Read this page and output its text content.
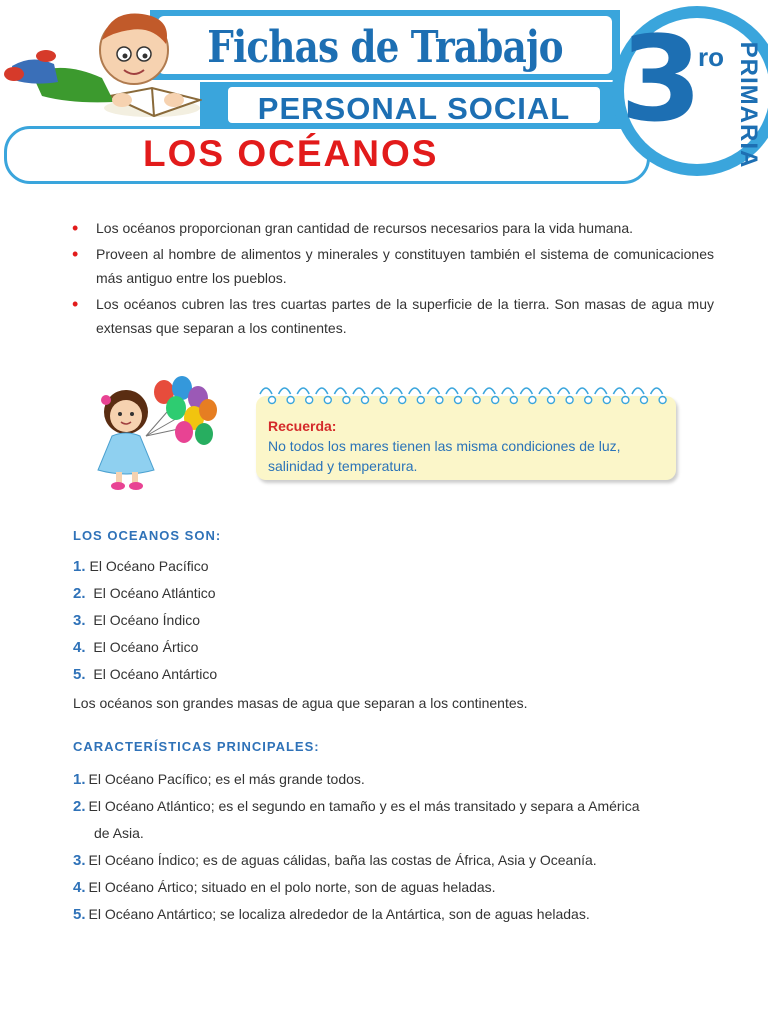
Fichas de Trabajo
PERSONAL SOCIAL
LOS OCÉANOS
3
ro PRIMARIA
• Los océanos proporcionan gran cantidad de recursos necesarios para la vida humana.
• Proveen al hombre de alimentos y minerales y constituyen también el sistema de comunicaciones más antiguo entre los pueblos.
• Los océanos cubren las tres cuartas partes de la superficie de la tierra. Son masas de agua muy extensas que separan a los continentes.
Recuerda:
No todos los mares tienen las misma condiciones de luz, salinidad y temperatura.
LOS OCEANOS SON:
1. El Océano Pacífico
2. El Océano Atlántico
3. El Océano Índico
4. El Océano Ártico
5. El Océano Antártico
Los océanos son grandes masas de agua que separan a los continentes.
CARACTERÍSTICAS PRINCIPALES:
1. El Océano Pacífico; es el más grande todos.
2. El Océano Atlántico; es el segundo en tamaño y es el más transitado y separa a América
de Asia.
3. El Océano Índico; es de aguas cálidas, baña las costas de África, Asia y Oceanía.
4. El Océano Ártico; situado en el polo norte, son de aguas heladas.
5. El Océano Antártico; se localiza alrededor de la Antártica, son de aguas heladas.
